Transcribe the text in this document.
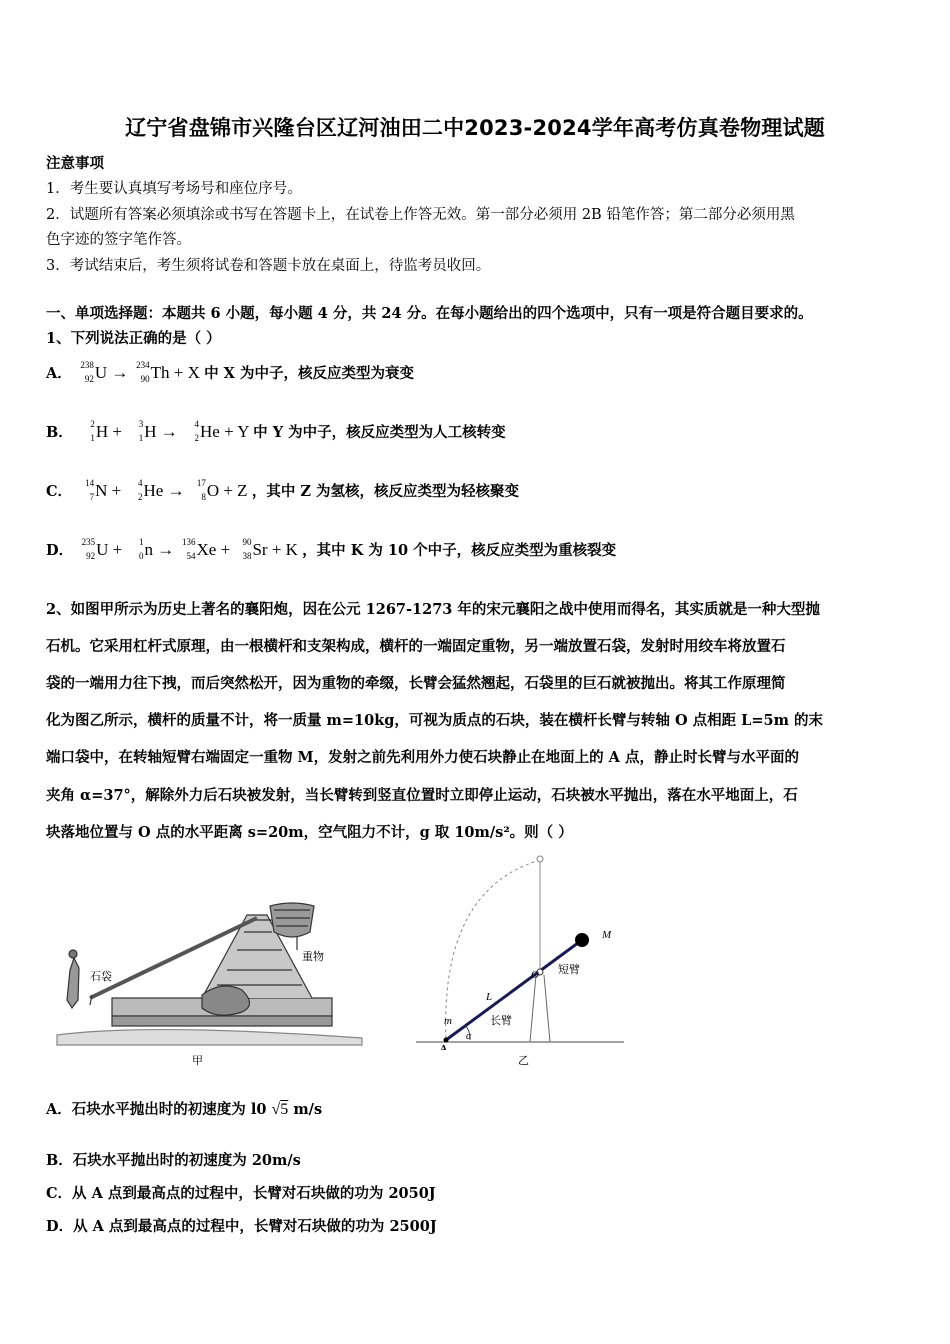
辽宁省盘锦市兴隆台区辽河油田二中2023-2024学年高考仿真卷物理试题
注意事项
1．考生要认真填写考场号和座位序号。
2．试题所有答案必须填涂或书写在答题卡上，在试卷上作答无效。第一部分必须用 2B 铅笔作答；第二部分必须用黑
色字迹的签字笔作答。
3．考试结束后，考生须将试卷和答题卡放在桌面上，待监考员收回。
一、单项选择题：本题共 6 小题，每小题 4 分，共 24 分。在每小题给出的四个选项中，只有一项是符合题目要求的。
1、下列说法正确的是（ ）
A． 238
92 U → 234
90 Th + X 中 X 为中子，核反应类型为衰变
B． 2
1 H + 3
1 H → 4
2 He + Y 中 Y 为中子，核反应类型为人工核转变
C． 14
7 N + 4
2 He → 17
8 O + Z ，其中 Z 为氢核，核反应类型为轻核聚变
D． 235
92 U + 1
0 n → 136
54 Xe + 90
38 Sr + K ，其中 K 为 10 个中子，核反应类型为重核裂变
2、如图甲所示为历史上著名的襄阳炮，因在公元 1267-1273 年的宋元襄阳之战中使用而得名，其实质就是一种大型抛
石机。它采用杠杆式原理，由一根横杆和支架构成，横杆的一端固定重物，另一端放置石袋，发射时用绞车将放置石
袋的一端用力往下拽，而后突然松开，因为重物的牵缀，长臂会猛然翘起，石袋里的巨石就被抛出。将其工作原理简
化为图乙所示，横杆的质量不计，将一质量 m=10kg，可视为质点的石块，装在横杆长臂与转轴 O 点相距 L=5m 的末
端口袋中，在转轴短臂右端固定一重物 M，发射之前先利用外力使石块静止在地面上的 A 点，静止时长臂与水平面的
夹角 α=37°，解除外力后石块被发射，当长臂转到竖直位置时立即停止运动，石块被水平抛出，落在水平地面上，石
块落地位置与 O 点的水平距离 s=20m，空气阻力不计，g 取 10m/s²。则（ ）
石袋
重物
甲
M
O 短臂
L
长臂
m
A
α
乙
A．石块水平抛出时的初速度为 l0 √5 m/s
B．石块水平抛出时的初速度为 20m/s
C．从 A 点到最高点的过程中，长臂对石块做的功为 2050J
D．从 A 点到最高点的过程中，长臂对石块做的功为 2500J
